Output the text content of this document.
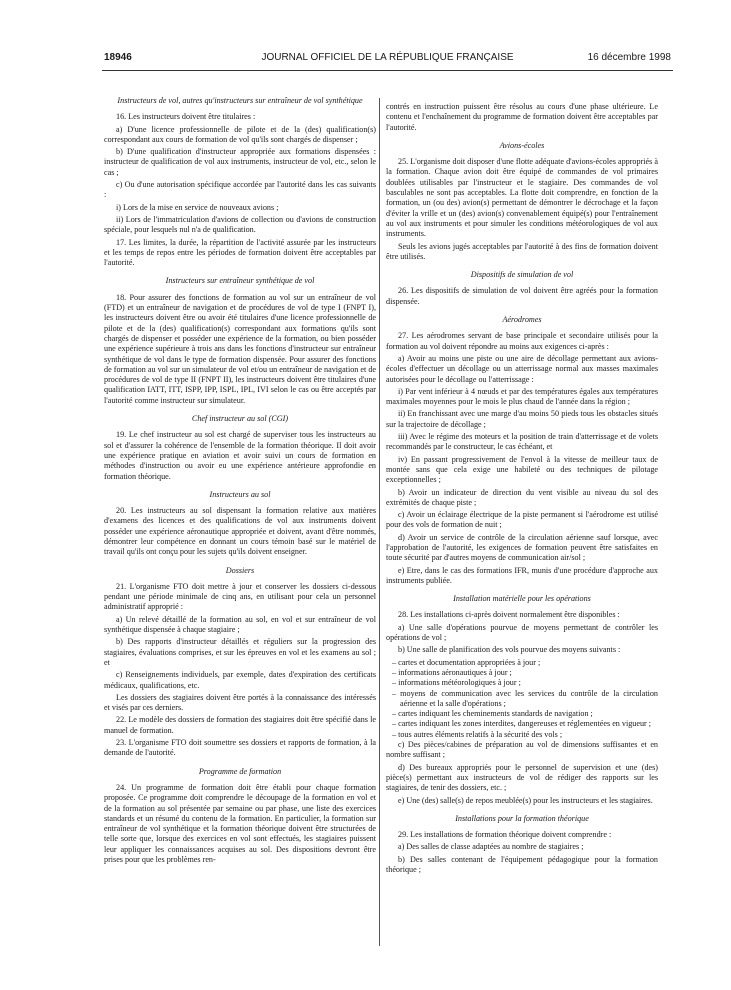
18946	JOURNAL OFFICIEL DE LA RÉPUBLIQUE FRANÇAISE	16 décembre 1998
Instructeurs de vol, autres qu'instructeurs sur entraîneur de vol synthétique
16. Les instructeurs doivent être titulaires :
a) D'une licence professionnelle de pilote et de la (des) qualification(s) correspondant aux cours de formation de vol qu'ils sont chargés de dispenser ;
b) D'une qualification d'instructeur appropriée aux formations dispensées : instructeur de qualification de vol aux instruments, instructeur de vol, etc., selon le cas ;
c) Ou d'une autorisation spécifique accordée par l'autorité dans les cas suivants :
i) Lors de la mise en service de nouveaux avions ;
ii) Lors de l'immatriculation d'avions de collection ou d'avions de construction spéciale, pour lesquels nul n'a de qualification.
17. Les limites, la durée, la répartition de l'activité assurée par les instructeurs et les temps de repos entre les périodes de formation doivent être acceptables par l'autorité.
Instructeurs sur entraîneur synthétique de vol
18. Pour assurer des fonctions de formation au vol sur un entraîneur de vol (FTD) et un entraîneur de navigation et de procédures de vol de type I (FNPT I), les instructeurs doivent être ou avoir été titulaires d'une licence professionnelle de pilote et de la (des) qualification(s) correspondant aux formations qu'ils sont chargés de dispenser et posséder une expérience de la formation, ou bien posséder une expérience supérieure à trois ans dans les fonctions d'instructeur sur entraîneur synthétique de vol dans le type de formation dispensée. Pour assurer des fonctions de formation au vol sur un simulateur de vol et/ou un entraîneur de navigation et de procédures de vol de type II (FNPT II), les instructeurs doivent être titulaires d'une qualification IATT, ITT, ISPP, IPP, ISPL, IPL, IVI selon le cas ou être acceptés par l'autorité comme instructeur sur simulateur.
Chef instructeur au sol (CGI)
19. Le chef instructeur au sol est chargé de superviser tous les instructeurs au sol et d'assurer la cohérence de l'ensemble de la formation théorique. Il doit avoir une expérience pratique en aviation et avoir suivi un cours de formation en méthodes d'instruction ou avoir eu une expérience antérieure approfondie en formation théorique.
Instructeurs au sol
20. Les instructeurs au sol dispensant la formation relative aux matières d'examens des licences et des qualifications de vol aux instruments doivent posséder une expérience aéronautique appropriée et doivent, avant d'être nommés, démontrer leur compétence en donnant un cours témoin basé sur le matériel de travail qu'ils ont conçu pour les sujets qu'ils doivent enseigner.
Dossiers
21. L'organisme FTO doit mettre à jour et conserver les dossiers ci-dessous pendant une période minimale de cinq ans, en utilisant pour cela un personnel administratif approprié :
a) Un relevé détaillé de la formation au sol, en vol et sur entraîneur de vol synthétique dispensée à chaque stagiaire ;
b) Des rapports d'instructeur détaillés et réguliers sur la progression des stagiaires, évaluations comprises, et sur les épreuves en vol et les examens au sol ; et
c) Renseignements individuels, par exemple, dates d'expiration des certificats médicaux, qualifications, etc.
Les dossiers des stagiaires doivent être portés à la connaissance des intéressés et visés par ces derniers.
22. Le modèle des dossiers de formation des stagiaires doit être spécifié dans le manuel de formation.
23. L'organisme FTO doit soumettre ses dossiers et rapports de formation, à la demande de l'autorité.
Programme de formation
24. Un programme de formation doit être établi pour chaque formation proposée. Ce programme doit comprendre le découpage de la formation en vol et de la formation au sol présentée par semaine ou par phase, une liste des exercices standards et un résumé du contenu de la formation. En particulier, la formation sur entraîneur de vol synthétique et la formation théorique doivent être structurées de telle sorte que, lorsque des exercices en vol sont effectués, les stagiaires puissent leur appliquer les connaissances acquises au sol. Des dispositions devront être prises pour que les problèmes ren-
contrés en instruction puissent être résolus au cours d'une phase ultérieure. Le contenu et l'enchaînement du programme de formation doivent être acceptables par l'autorité.
Avions-écoles
25. L'organisme doit disposer d'une flotte adéquate d'avions-écoles appropriés à la formation. Chaque avion doit être équipé de commandes de vol primaires doublées utilisables par l'instructeur et le stagiaire. Des commandes de vol basculables ne sont pas acceptables. La flotte doit comprendre, en fonction de la formation, un (ou des) avion(s) permettant de démontrer le décrochage et la façon d'éviter la vrille et un (des) avion(s) convenablement équipé(s) pour l'entraînement au vol aux instruments et pour simuler les conditions météorologiques de vol aux instruments.
Seuls les avions jugés acceptables par l'autorité à des fins de formation doivent être utilisés.
Dispositifs de simulation de vol
26. Les dispositifs de simulation de vol doivent être agréés pour la formation dispensée.
Aérodromes
27. Les aérodromes servant de base principale et secondaire utilisés pour la formation au vol doivent répondre au moins aux exigences ci-après :
a) Avoir au moins une piste ou une aire de décollage permettant aux avions-écoles d'effectuer un décollage ou un atterrissage normal aux masses maximales autorisées pour le décollage ou l'atterrissage :
i) Par vent inférieur à 4 nœuds et par des températures égales aux températures maximales moyennes pour le mois le plus chaud de l'année dans la région ;
ii) En franchissant avec une marge d'au moins 50 pieds tous les obstacles situés sur la trajectoire de décollage ;
iii) Avec le régime des moteurs et la position de train d'atterrissage et de volets recommandés par le constructeur, le cas échéant, et
iv) En passant progressivement de l'envol à la vitesse de meilleur taux de montée sans que cela exige une habileté ou des techniques de pilotage exceptionnelles ;
b) Avoir un indicateur de direction du vent visible au niveau du sol des extrémités de chaque piste ;
c) Avoir un éclairage électrique de la piste permanent si l'aérodrome est utilisé pour des vols de formation de nuit ;
d) Avoir un service de contrôle de la circulation aérienne sauf lorsque, avec l'approbation de l'autorité, les exigences de formation peuvent être satisfaites en toute sécurité par d'autres moyens de communication air/sol ;
e) Etre, dans le cas des formations IFR, munis d'une procédure d'approche aux instruments publiée.
Installation matérielle pour les opérations
28. Les installations ci-après doivent normalement être disponibles :
a) Une salle d'opérations pourvue de moyens permettant de contrôler les opérations de vol ;
b) Une salle de planification des vols pourvue des moyens suivants :
– cartes et documentation appropriées à jour ;
– informations aéronautiques à jour ;
– informations météorologiques à jour ;
– moyens de communication avec les services du contrôle de la circulation aérienne et la salle d'opérations ;
– cartes indiquant les cheminements standards de navigation ;
– cartes indiquant les zones interdites, dangereuses et réglementées en vigueur ;
– tous autres éléments relatifs à la sécurité des vols ;
c) Des pièces/cabines de préparation au vol de dimensions suffisantes et en nombre suffisant ;
d) Des bureaux appropriés pour le personnel de supervision et une (des) pièce(s) permettant aux instructeurs de vol de rédiger des rapports sur les stagiaires, de tenir des dossiers, etc. ;
e) Une (des) salle(s) de repos meublée(s) pour les instructeurs et les stagiaires.
Installations pour la formation théorique
29. Les installations de formation théorique doivent comprendre :
a) Des salles de classe adaptées au nombre de stagiaires ;
b) Des salles contenant de l'équipement pédagogique pour la formation théorique ;
